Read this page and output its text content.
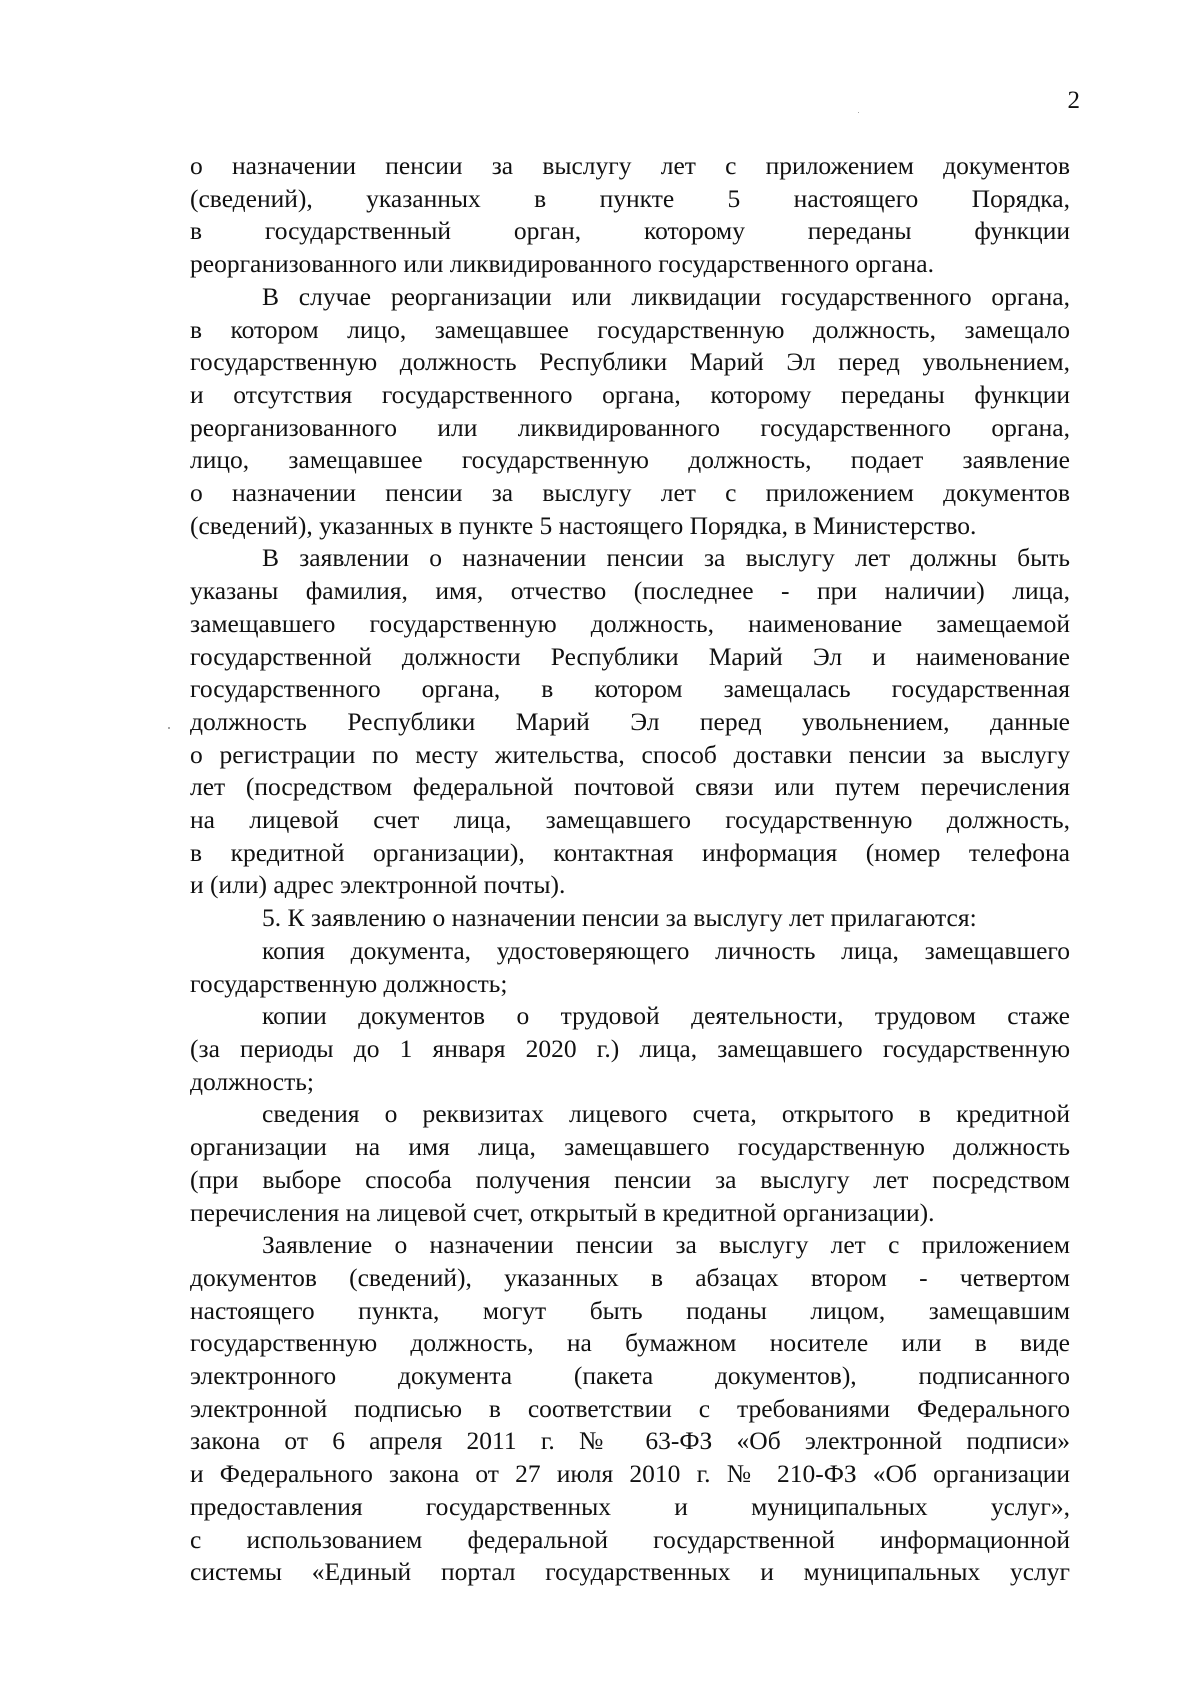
2
о назначении пенсии за выслугу лет с приложением документов
(сведений), указанных в пункте 5 настоящего Порядка,
в государственный орган, которому переданы функции
реорганизованного или ликвидированного государственного органа.
В случае реорганизации или ликвидации государственного органа,
в котором лицо, замещавшее государственную должность, замещало
государственную должность Республики Марий Эл перед увольнением,
и отсутствия государственного органа, которому переданы функции
реорганизованного или ликвидированного государственного органа,
лицо, замещавшее государственную должность, подает заявление
о назначении пенсии за выслугу лет с приложением документов
(сведений), указанных в пункте 5 настоящего Порядка, в Министерство.
В заявлении о назначении пенсии за выслугу лет должны быть
указаны фамилия, имя, отчество (последнее - при наличии) лица,
замещавшего государственную должность, наименование замещаемой
государственной должности Республики Марий Эл и наименование
государственного органа, в котором замещалась государственная
должность Республики Марий Эл перед увольнением, данные
о регистрации по месту жительства, способ доставки пенсии за выслугу
лет (посредством федеральной почтовой связи или путем перечисления
на лицевой счет лица, замещавшего государственную должность,
в кредитной организации), контактная информация (номер телефона
и (или) адрес электронной почты).
5. К заявлению о назначении пенсии за выслугу лет прилагаются:
копия документа, удостоверяющего личность лица, замещавшего
государственную должность;
копии документов о трудовой деятельности, трудовом стаже
(за периоды до 1 января 2020 г.) лица, замещавшего государственную
должность;
сведения о реквизитах лицевого счета, открытого в кредитной
организации на имя лица, замещавшего государственную должность
(при выборе способа получения пенсии за выслугу лет посредством
перечисления на лицевой счет, открытый в кредитной организации).
Заявление о назначении пенсии за выслугу лет с приложением
документов (сведений), указанных в абзацах втором - четвертом
настоящего пункта, могут быть поданы лицом, замещавшим
государственную должность, на бумажном носителе или в виде
электронного документа (пакета документов), подписанного
электронной подписью в соответствии с требованиями Федерального
закона от 6 апреля 2011 г. № 63-ФЗ «Об электронной подписи»
и Федерального закона от 27 июля 2010 г. № 210-ФЗ «Об организации
предоставления государственных и муниципальных услуг»,
с использованием федеральной государственной информационной
системы «Единый портал государственных и муниципальных услуг
